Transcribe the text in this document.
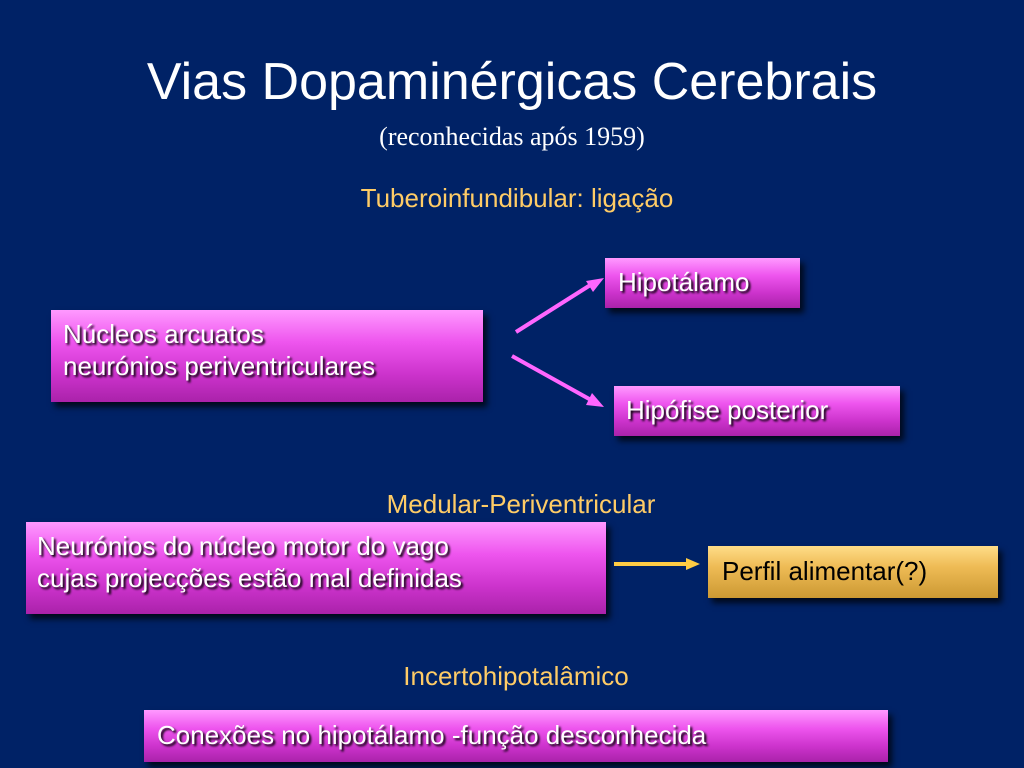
Vias Dopaminérgicas Cerebrais
(reconhecidas após 1959)
Tuberoinfundibular: ligação
Núcleos arcuatos
neurónios periventriculares
Hipotálamo
Hipófise posterior
Medular-Periventricular
Neurónios do núcleo motor do vago
cujas projecções estão mal definidas	Perfil alimentar(?)
Incertohipotalâmico
Conexões no hipotálamo -função desconhecida
